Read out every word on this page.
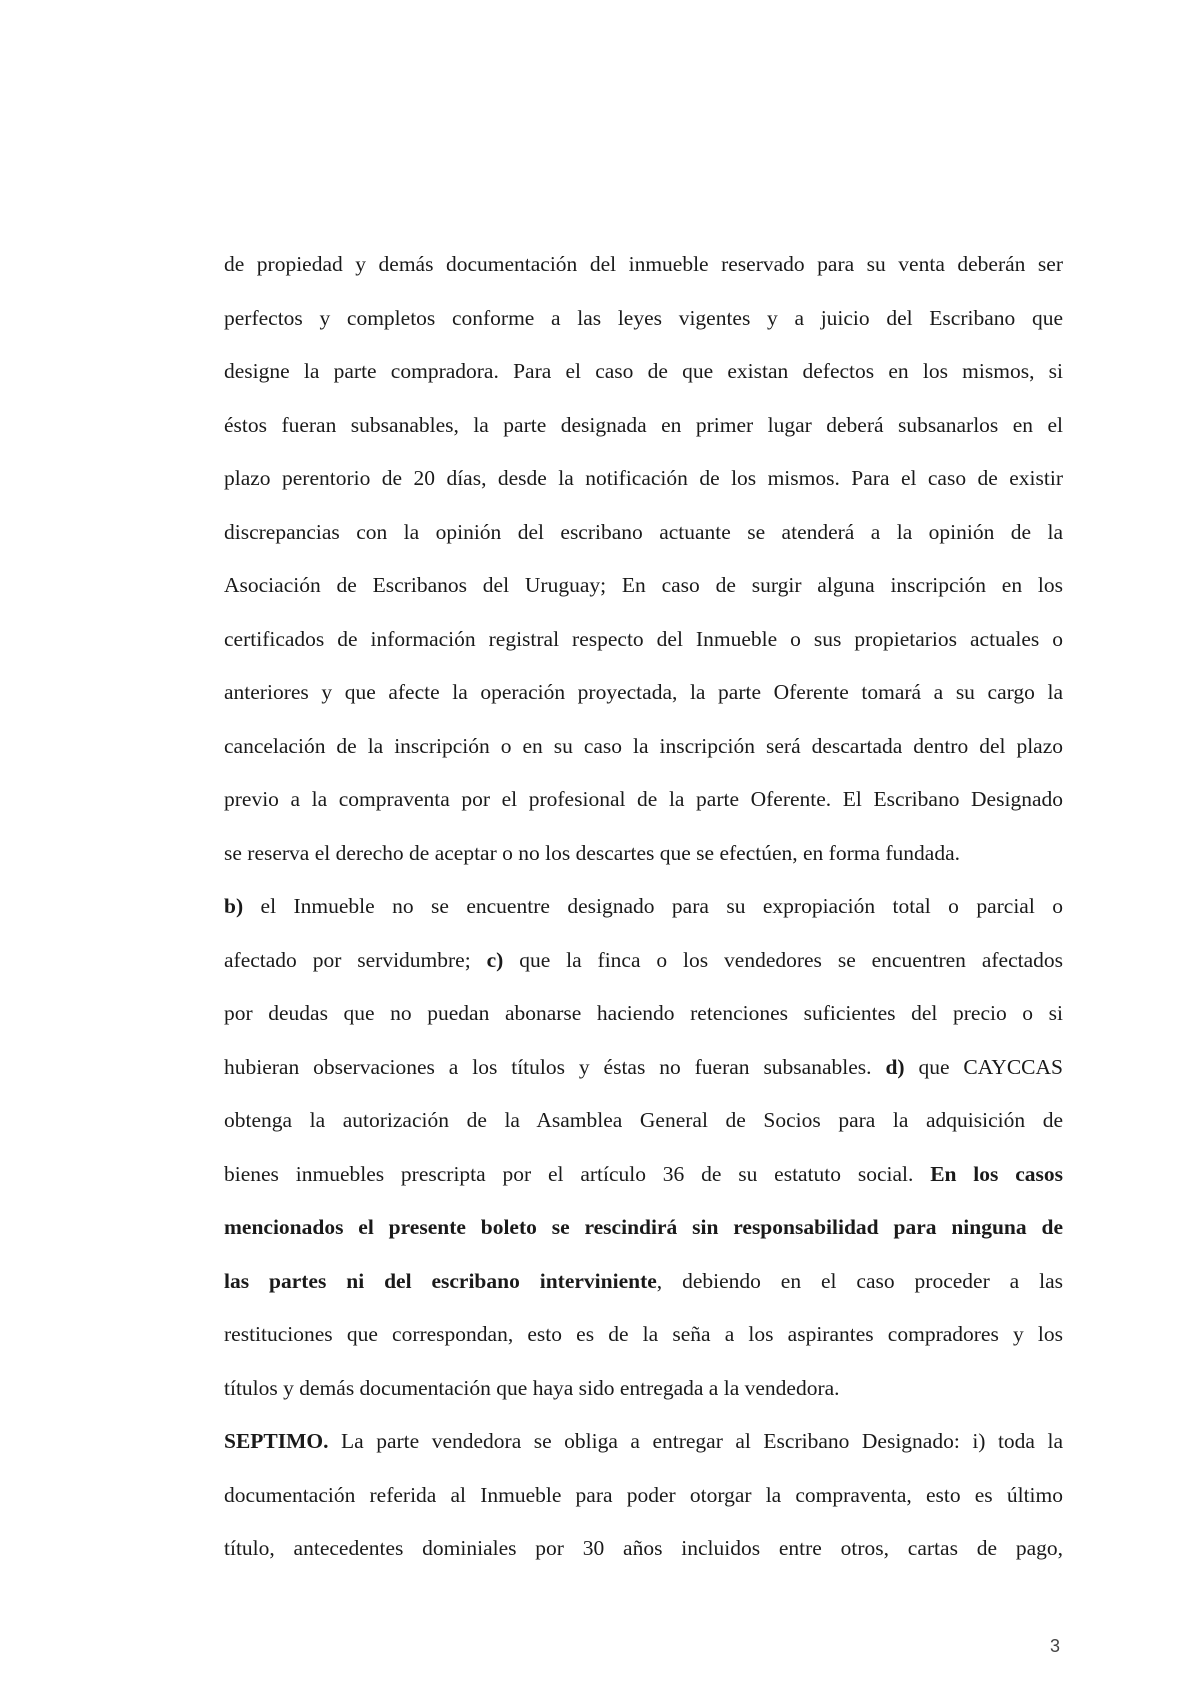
de propiedad y demás documentación del inmueble reservado para su venta deberán ser
perfectos y completos conforme a las leyes vigentes y a juicio del Escribano que
designe la parte compradora. Para el caso de que existan defectos en los mismos, si
éstos fueran subsanables, la parte designada en primer lugar deberá subsanarlos en el
plazo perentorio de 20 días, desde la notificación de los mismos. Para el caso de existir
discrepancias con la opinión del escribano actuante se atenderá a la opinión de la
Asociación de Escribanos del Uruguay; En caso de surgir alguna inscripción en los
certificados de información registral respecto del Inmueble o sus propietarios actuales o
anteriores y que afecte la operación proyectada, la parte Oferente tomará a su cargo la
cancelación de la inscripción o en su caso la inscripción será descartada dentro del plazo
previo a la compraventa por el profesional de la parte Oferente. El Escribano Designado
se reserva el derecho de aceptar o no los descartes que se efectúen, en forma fundada.
b) el Inmueble no se encuentre designado para su expropiación total o parcial o
afectado por servidumbre; c) que la finca o los vendedores se encuentren afectados
por deudas que no puedan abonarse haciendo retenciones suficientes del precio o si
hubieran observaciones a los títulos y éstas no fueran subsanables. d) que CAYCCAS
obtenga la autorización de la Asamblea General de Socios para la adquisición de
bienes inmuebles prescripta por el artículo 36 de su estatuto social. En los casos
mencionados el presente boleto se rescindirá sin responsabilidad para ninguna de
las partes ni del escribano interviniente, debiendo en el caso proceder a las
restituciones que correspondan, esto es de la seña a los aspirantes compradores y los
títulos y demás documentación que haya sido entregada a la vendedora.
SEPTIMO. La parte vendedora se obliga a entregar al Escribano Designado: i) toda la
documentación referida al Inmueble para poder otorgar la compraventa, esto es último
título, antecedentes dominiales por 30 años incluidos entre otros, cartas de pago,
3
